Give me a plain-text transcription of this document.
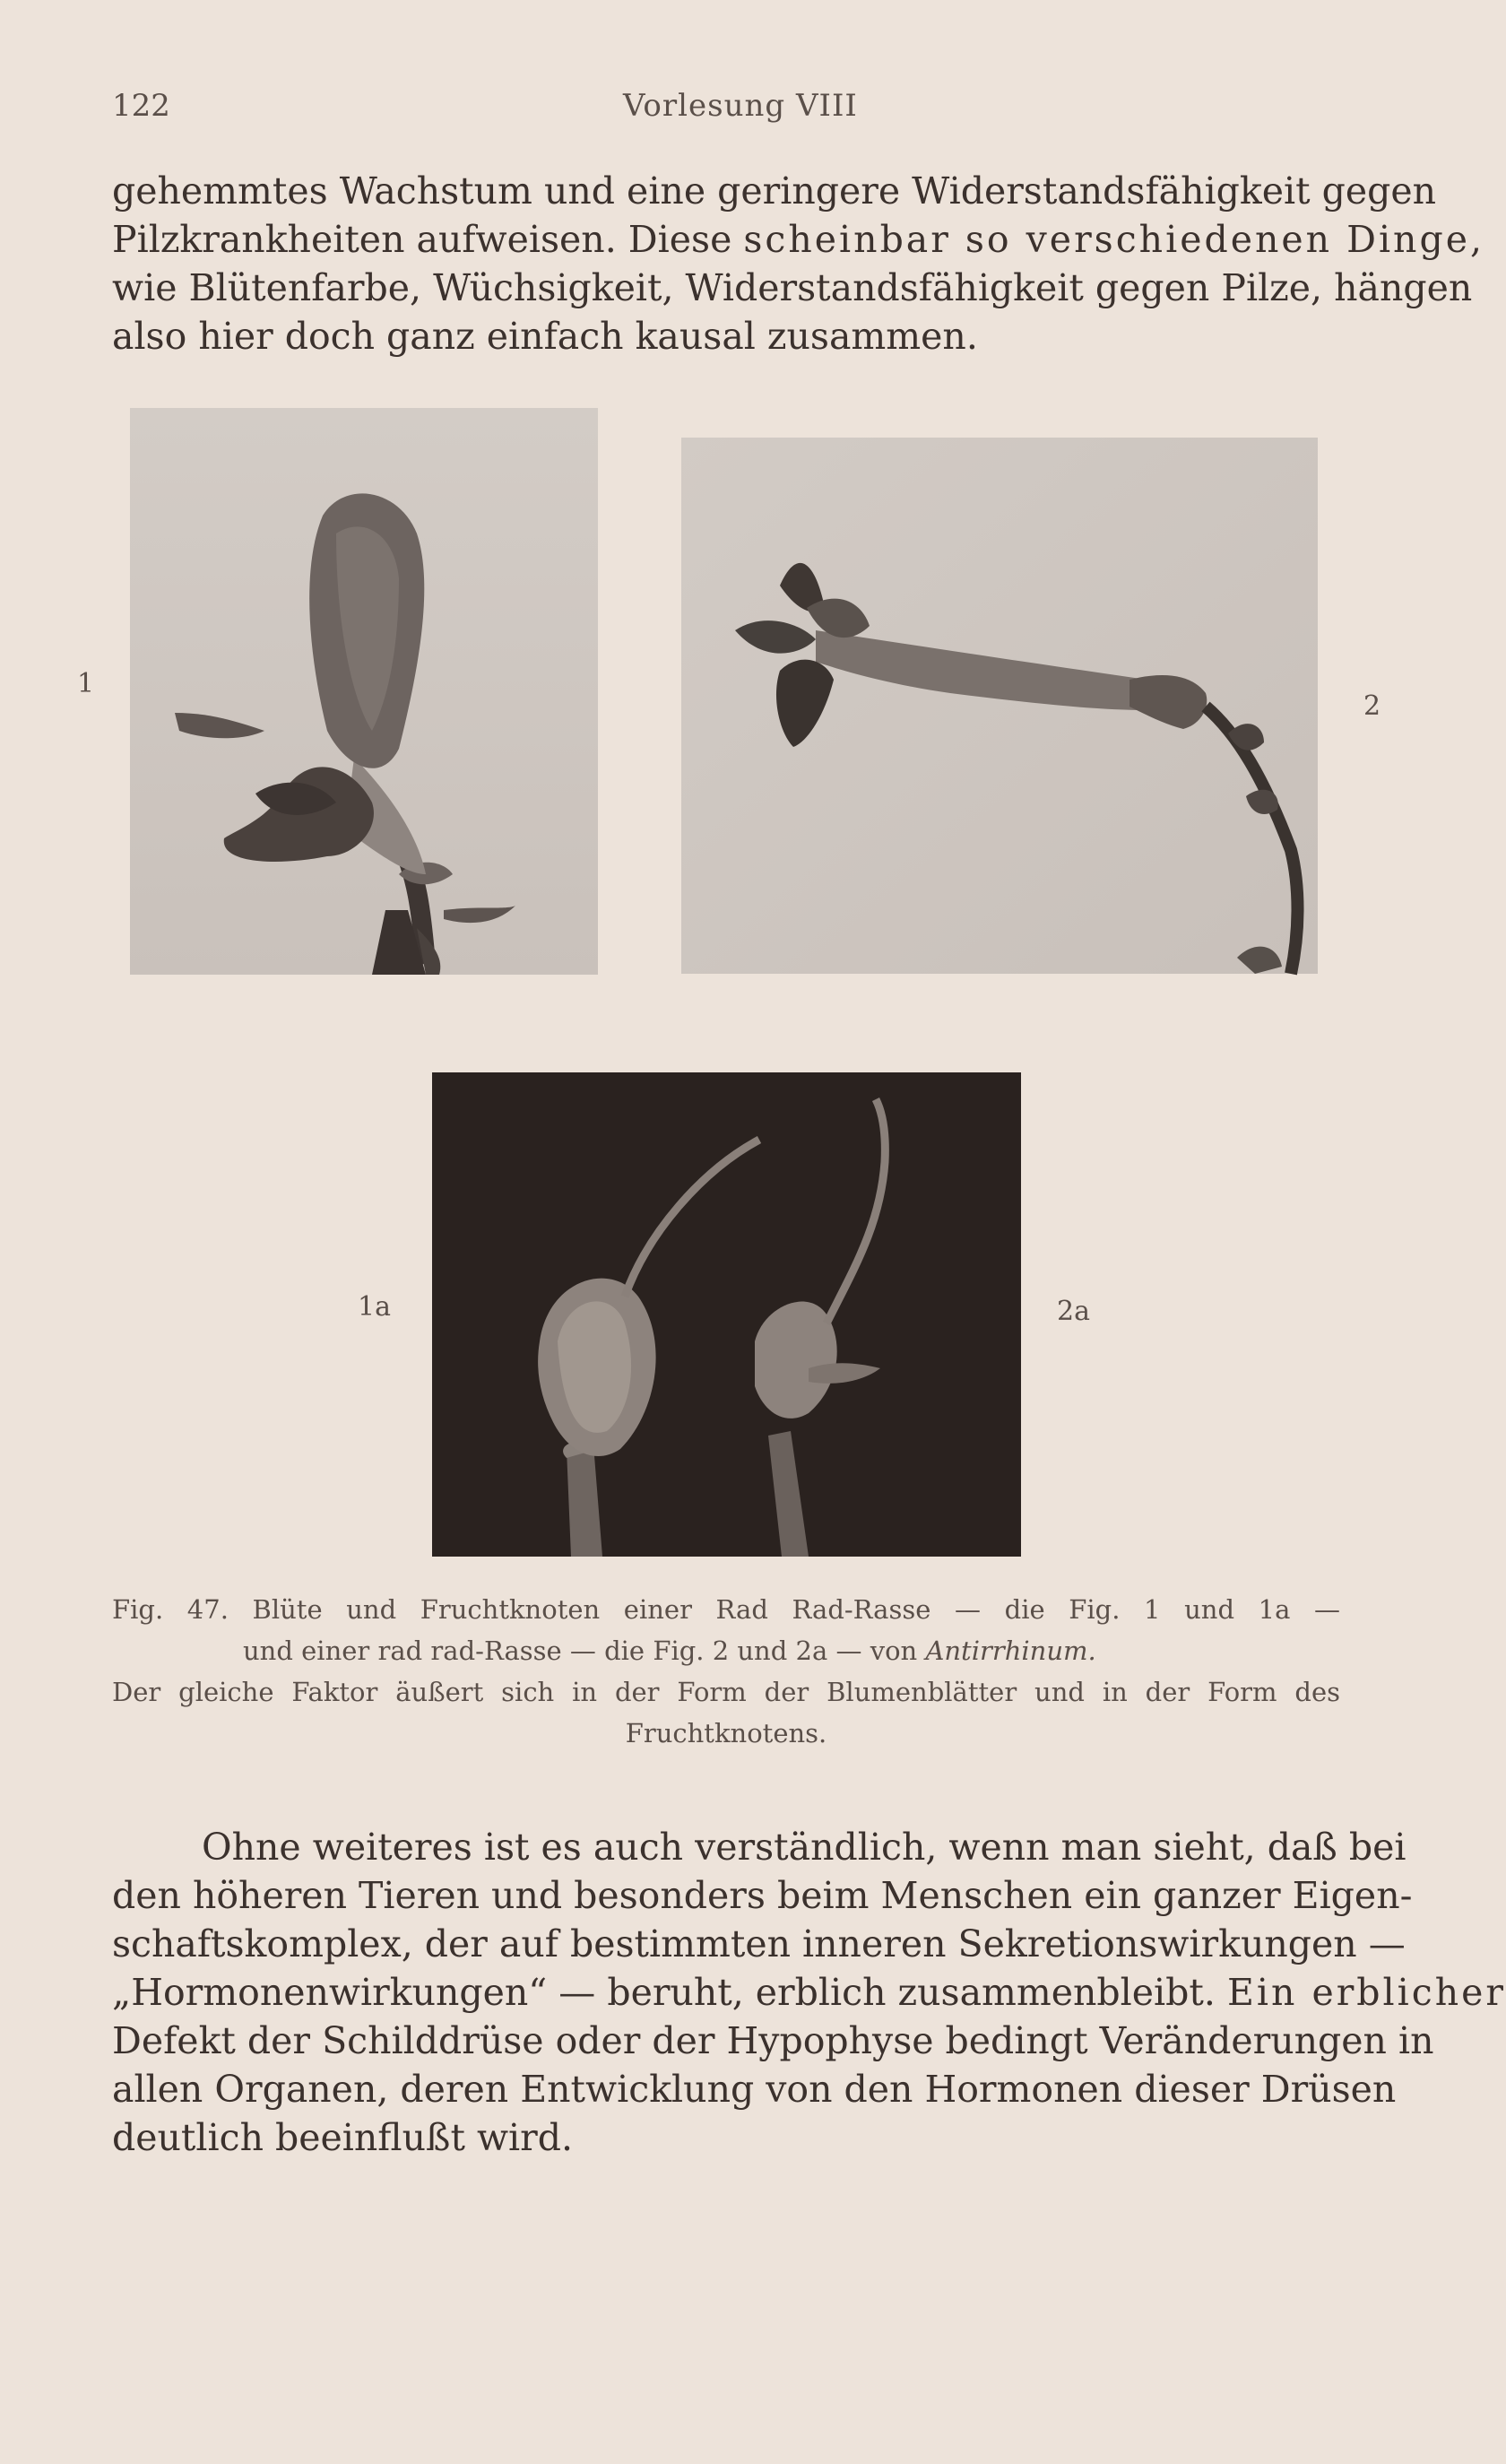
122	Vorlesung VIII
gehemmtes Wachstum und eine geringere Widerstandsfähigkeit gegen
Pilzkrankheiten aufweisen. Diese scheinbar so verschiedenen Dinge,
wie Blütenfarbe, Wüchsigkeit, Widerstandsfähigkeit gegen Pilze, hängen
also hier doch ganz einfach kausal zusammen.
1
2
1a	2a
Fig. 47. Blüte und Fruchtknoten einer Rad Rad-Rasse — die Fig. 1 und 1a —
und einer rad rad-Rasse — die Fig. 2 und 2a — von Antirrhinum.
Der gleiche Faktor äußert sich in der Form der Blumenblätter und in der Form des
Fruchtknotens.
Ohne weiteres ist es auch verständlich, wenn man sieht, daß bei
den höheren Tieren und besonders beim Menschen ein ganzer Eigen-
schaftskomplex, der auf bestimmten inneren Sekretionswirkungen —
„Hormonenwirkungen“ — beruht, erblich zusammenbleibt. Ein erblicher
Defekt der Schilddrüse oder der Hypophyse bedingt Veränderungen in
allen Organen, deren Entwicklung von den Hormonen dieser Drüsen
deutlich beeinflußt wird.
